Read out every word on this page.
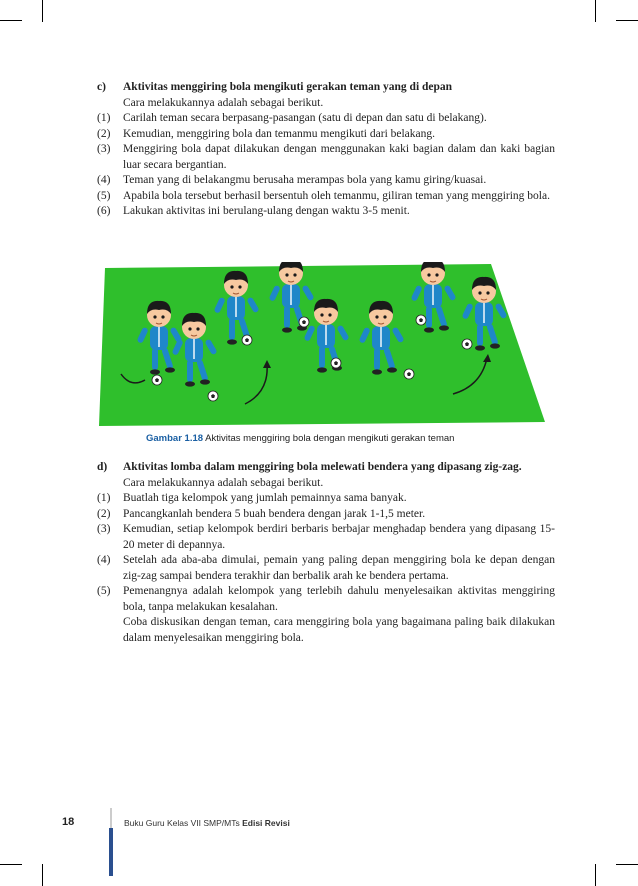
c)	Aktivitas menggiring bola mengikuti gerakan teman yang di depan
Cara melakukannya adalah sebagai berikut.
(1)	Carilah teman secara berpasang-pasangan (satu di depan dan satu di belakang).
(2)	Kemudian, menggiring bola dan temanmu mengikuti dari belakang.
(3)	Menggiring bola dapat dilakukan dengan menggunakan kaki bagian dalam dan kaki bagian luar secara bergantian.
(4)	Teman yang di belakangmu berusaha merampas bola yang kamu giring/kuasai.
(5)	Apabila bola tersebut berhasil bersentuh oleh temanmu, giliran teman yang menggiring bola.
(6)	Lakukan aktivitas ini berulang-ulang dengan waktu 3-5 menit.
Gambar 1.18 Aktivitas menggiring bola dengan mengikuti gerakan teman
d)	Aktivitas lomba dalam menggiring bola melewati bendera yang dipasang zig-zag.
Cara melakukannya adalah sebagai berikut.
(1)	Buatlah tiga kelompok yang jumlah pemainnya sama banyak.
(2)	Pancangkanlah bendera 5 buah bendera dengan jarak 1-1,5 meter.
(3)	Kemudian, setiap kelompok berdiri berbaris berbajar menghadap bendera yang dipasang 15-20 meter di depannya.
(4)	Setelah ada aba-aba dimulai, pemain yang paling depan menggiring bola ke depan dengan zig-zag sampai bendera terakhir dan berbalik arah ke bendera pertama.
(5)	Pemenangnya adalah kelompok yang terlebih dahulu menyelesaikan aktivitas menggiring bola, tanpa melakukan kesalahan.
Coba diskusikan dengan teman, cara menggiring bola yang bagaimana paling baik dilakukan dalam menyelesaikan menggiring bola.
18	Buku Guru Kelas VII SMP/MTs Edisi Revisi
